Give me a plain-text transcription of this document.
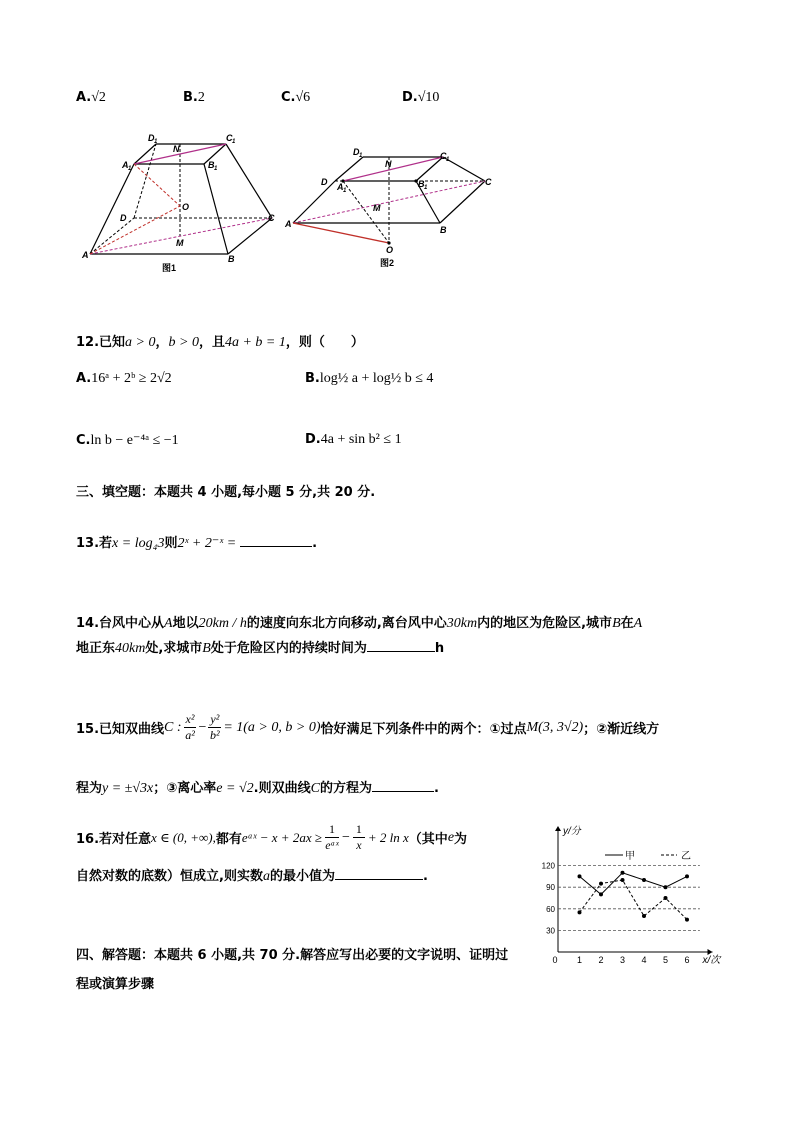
A.√2	B.2	C.√6	D.√10
D 1	C 1
A 1	B 1
N
O
D	C
M
A	B
图1
D 1	C 1
N
D A 1
B 1
C
M
A
B
O
图2
12.已知a > 0，b > 0，且4a + b = 1，则（　　）
A.16ᵃ + 2ᵇ ≥ 2√2	B.log½ a + log½ b ≤ 4
C.ln b − e⁻⁴ᵃ ≤ −1	D.4a + sin b² ≤ 1
三、填空题：本题共 4 小题,每小题 5 分,共 20 分.
13.若x = log₄3则2ˣ + 2⁻ˣ =	.
14.台风中心从A地以20km / h的速度向东北方向移动,离台风中心30km内的地区为危险区,城市B在A
地正东40km处,求城市B处于危险区内的持续时间为	h
15.已知双曲线 C : $\frac{\text{x²}}{\text{a²}} - \frac{\text{y²}}{\text{b²}} = 1(a > 0$, b > 0) 恰好满足下列条件中的两个：①过点 M(3, 3√2) ；②渐近线方
程为y = ±√3x；③离心率e = √2.则双曲线C的方程为	.
16.若对任意 x ∈ (0, +∞), 都有 eᵃˣ − x + 2ax ≥
1
eᵃˣ
− $\frac{1}{x} + 2$ ln x （其中 e 为
自然对数的底数）恒成立,则实数a的最小值为	.
四、解答题：本题共 6 小题,共 70 分.解答应写出必要的文字说明、证明过
程或演算步骤
y/分
x/次
0
30
60
90
120
1 2 3 4 5 6
甲	乙
